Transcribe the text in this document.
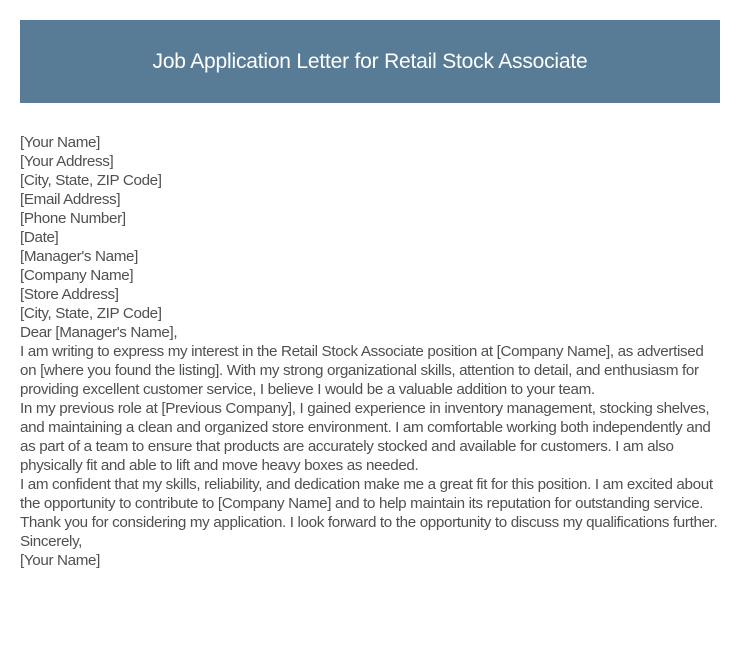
Job Application Letter for Retail Stock Associate

[Your Name]

[Your Address]

[City, State, ZIP Code]

[Email Address]

[Phone Number]

[Date]

[Manager's Name]

[Company Name]

[Store Address]

[City, State, ZIP Code]

Dear [Manager's Name],

I am writing to express my interest in the Retail Stock Associate position at [Company Name], as advertised on [where you found the listing]. With my strong organizational skills, attention to detail, and enthusiasm for providing excellent customer service, I believe I would be a valuable addition to your team.

In my previous role at [Previous Company], I gained experience in inventory management, stocking shelves, and maintaining a clean and organized store environment. I am comfortable working both independently and as part of a team to ensure that products are accurately stocked and available for customers. I am also physically fit and able to lift and move heavy boxes as needed.

I am confident that my skills, reliability, and dedication make me a great fit for this position. I am excited about the opportunity to contribute to [Company Name] and to help maintain its reputation for outstanding service.

Thank you for considering my application. I look forward to the opportunity to discuss my qualifications further.

Sincerely,

[Your Name]
